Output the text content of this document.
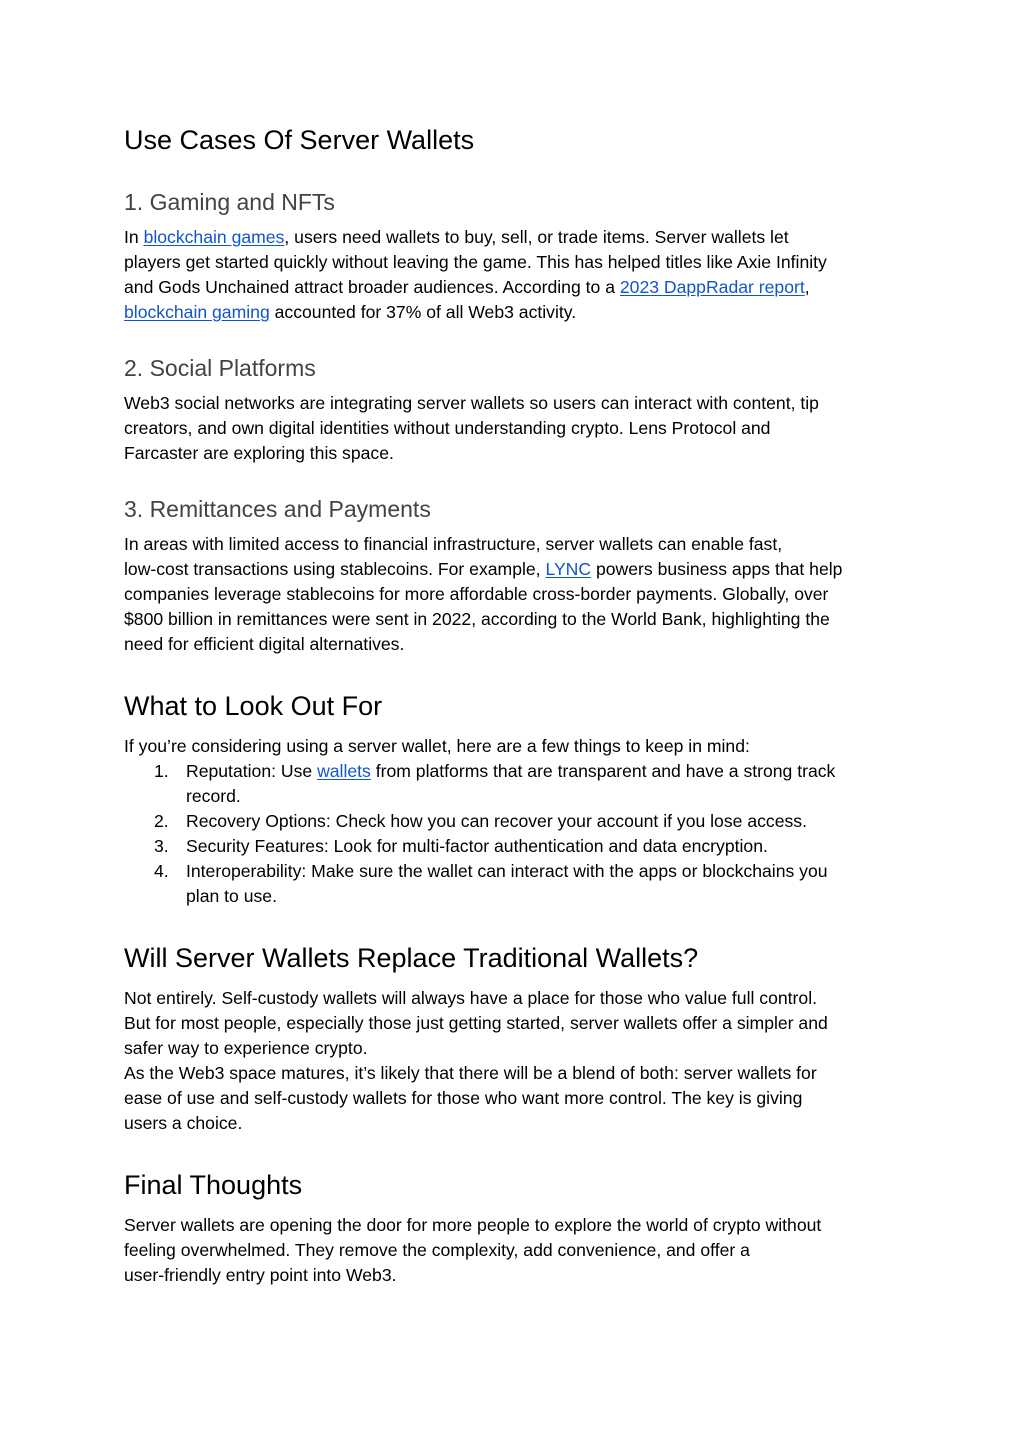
Use Cases Of Server Wallets
1. Gaming and NFTs
In blockchain games, users need wallets to buy, sell, or trade items. Server wallets let
players get started quickly without leaving the game. This has helped titles like Axie Infinity
and Gods Unchained attract broader audiences. According to a 2023 DappRadar report,
blockchain gaming accounted for 37% of all Web3 activity.
2. Social Platforms
Web3 social networks are integrating server wallets so users can interact with content, tip
creators, and own digital identities without understanding crypto. Lens Protocol and
Farcaster are exploring this space.
3. Remittances and Payments
In areas with limited access to financial infrastructure, server wallets can enable fast,
low-cost transactions using stablecoins. For example, LYNC powers business apps that help
companies leverage stablecoins for more affordable cross-border payments. Globally, over
$800 billion in remittances were sent in 2022, according to the World Bank, highlighting the
need for efficient digital alternatives.
What to Look Out For
If you’re considering using a server wallet, here are a few things to keep in mind:
1. Reputation: Use wallets from platforms that are transparent and have a strong track
record.
2. Recovery Options: Check how you can recover your account if you lose access.
3. Security Features: Look for multi-factor authentication and data encryption.
4. Interoperability: Make sure the wallet can interact with the apps or blockchains you
plan to use.
Will Server Wallets Replace Traditional Wallets?
Not entirely. Self-custody wallets will always have a place for those who value full control.
But for most people, especially those just getting started, server wallets offer a simpler and
safer way to experience crypto.
As the Web3 space matures, it’s likely that there will be a blend of both: server wallets for
ease of use and self-custody wallets for those who want more control. The key is giving
users a choice.
Final Thoughts
Server wallets are opening the door for more people to explore the world of crypto without
feeling overwhelmed. They remove the complexity, add convenience, and offer a
user-friendly entry point into Web3.
